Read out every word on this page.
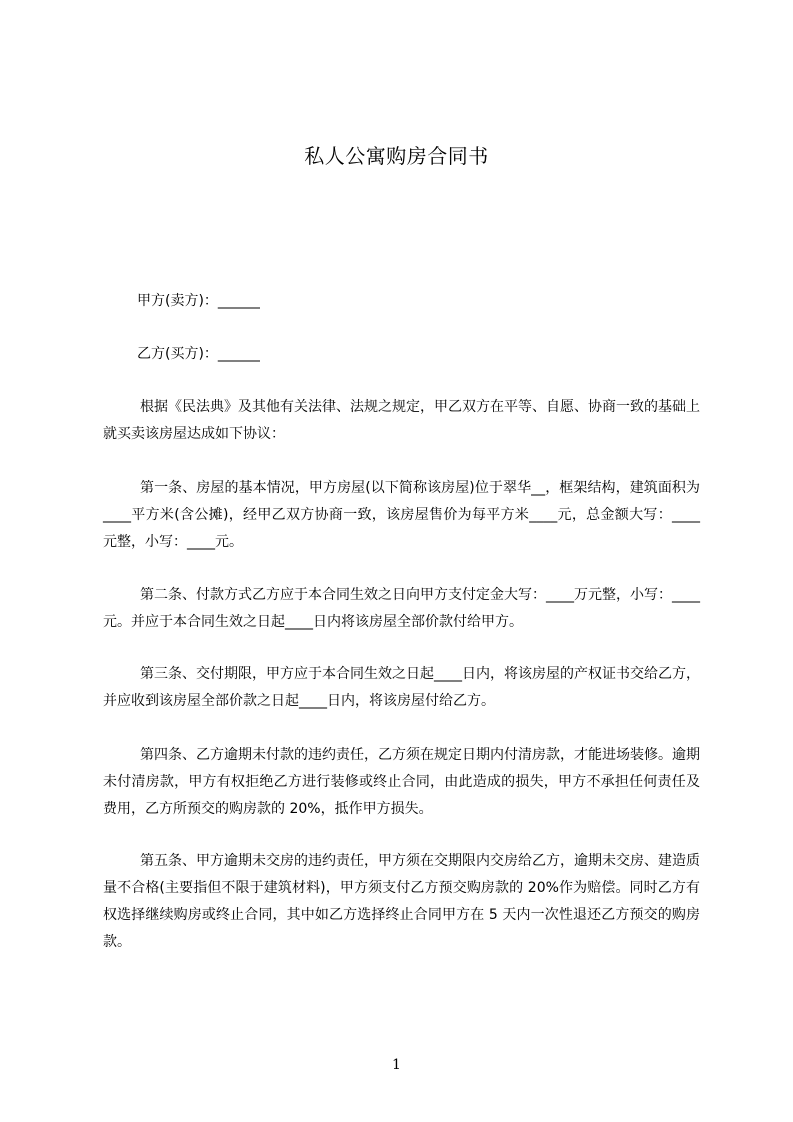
私人公寓购房合同书
甲方(卖方)：______
乙方(买方)：______

根据《民法典》及其他有关法律、法规之规定，甲乙双方在平等、自愿、协商一致的基础上就买卖该房屋达成如下协议：

第一条、房屋的基本情况，甲方房屋(以下简称该房屋)位于翠华__，框架结构，建筑面积为____平方米(含公摊)，经甲乙双方协商一致，该房屋售价为每平方米____元，总金额大写：____元整，小写：____元。

第二条、付款方式乙方应于本合同生效之日向甲方支付定金大写：____万元整，小写：____元。并应于本合同生效之日起____日内将该房屋全部价款付给甲方。

第三条、交付期限，甲方应于本合同生效之日起____日内，将该房屋的产权证书交给乙方，并应收到该房屋全部价款之日起____日内，将该房屋付给乙方。

第四条、乙方逾期未付款的违约责任，乙方须在规定日期内付清房款，才能进场装修。逾期未付清房款，甲方有权拒绝乙方进行装修或终止合同，由此造成的损失，甲方不承担任何责任及费用，乙方所预交的购房款的 20%，抵作甲方损失。

第五条、甲方逾期未交房的违约责任，甲方须在交期限内交房给乙方，逾期未交房、建造质量不合格(主要指但不限于建筑材料)，甲方须支付乙方预交购房款的 20%作为赔偿。同时乙方有权选择继续购房或终止合同，其中如乙方选择终止合同甲方在 5 天内一次性退还乙方预交的购房款。

1
